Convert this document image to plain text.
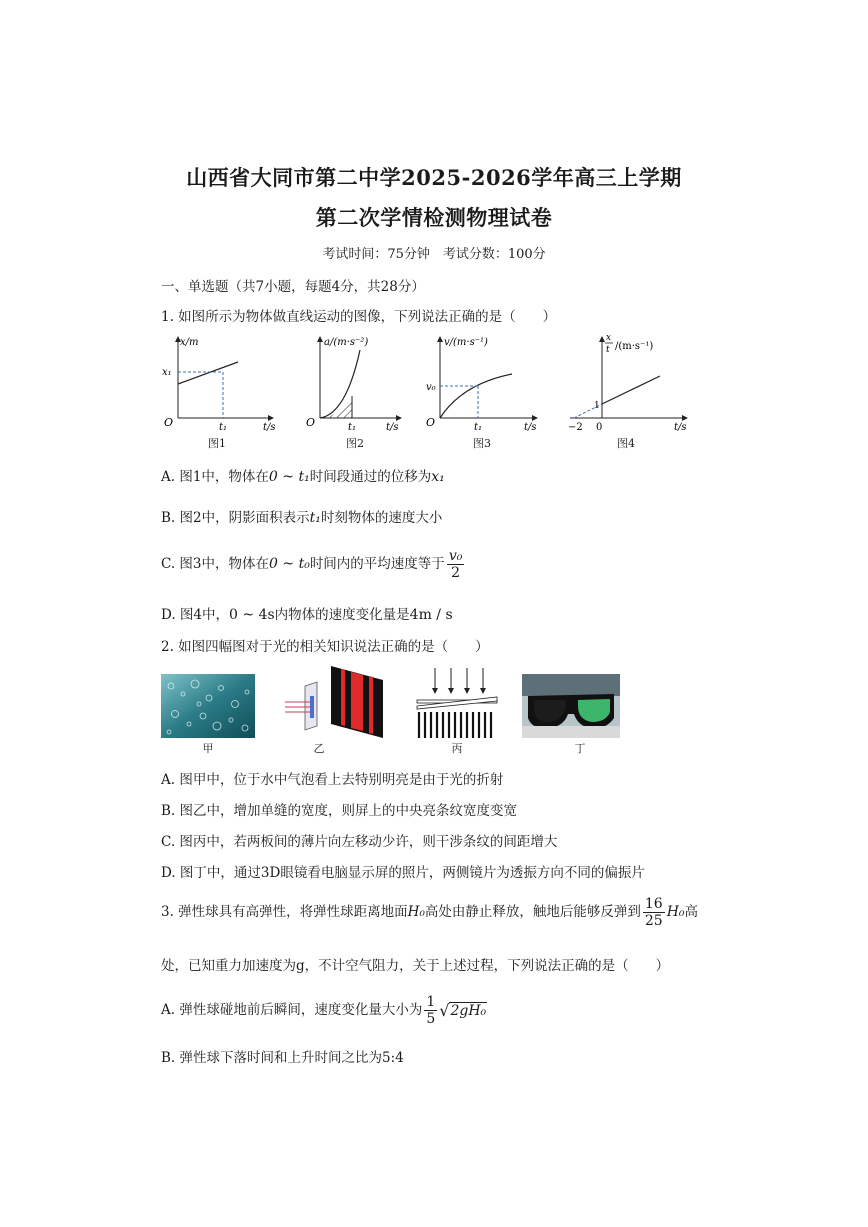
山西省大同市第二中学2025-2026学年高三上学期
第二次学情检测物理试卷
考试时间：75分钟　考试分数：100分
一、单选题（共7小题，每题4分，共28分）
1. 如图所示为物体做直线运动的图像，下列说法正确的是（　　）
x/m
x₁
t₁	t/s
O
图1
a/(m·s⁻²)
t₁	t/s
O
图2
v/(m·s⁻¹)
v₀
t₁	t/s
O
图3
x
t /(m·s⁻¹)
1
−2 0	t/s
图4
A. 图1中，物体在0 ~ t₁时间段通过的位移为x₁
B. 图2中，阴影面积表示t₁时刻物体的速度大小
C. 图3中，物体在0 ~ t₀时间内的平均速度等于 $\frac{\text{v₀}}{2}$
D. 图4中，0 ~ 4s内物体的速度变化量是4m / s
2. 如图四幅图对于光的相关知识说法正确的是（　　）
甲	乙	丙	丁
A. 图甲中，位于水中气泡看上去特别明亮是由于光的折射
B. 图乙中，增加单缝的宽度，则屏上的中央亮条纹宽度变宽
C. 图丙中，若两板间的薄片向左移动少许，则干涉条纹的间距增大
D. 图丁中，通过3D眼镜看电脑显示屏的照片，两侧镜片为透振方向不同的偏振片
3. 弹性球具有高弹性，将弹性球距离地面H₀高处由静止释放，触地后能够反弹到 $\frac{16}{25} H_0$高
处，已知重力加速度为g，不计空气阻力，关于上述过程，下列说法正确的是（　　）
A. 弹性球碰地前后瞬间，速度变化量大小为 $\frac{1}{5} √2gH_0$
B. 弹性球下落时间和上升时间之比为5:4
